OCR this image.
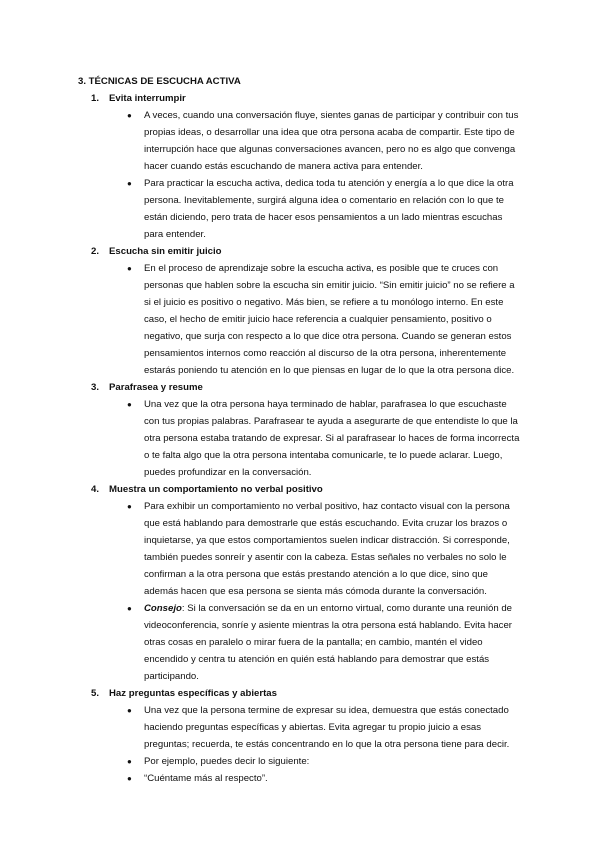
3. TÉCNICAS DE ESCUCHA ACTIVA

1.	Evita interrumpir
● A veces, cuando una conversación fluye, sientes ganas de participar y contribuir con tus propias ideas, o desarrollar una idea que otra persona acaba de compartir. Este tipo de interrupción hace que algunas conversaciones avancen, pero no es algo que convenga hacer cuando estás escuchando de manera activa para entender.
● Para practicar la escucha activa, dedica toda tu atención y energía a lo que dice la otra persona. Inevitablemente, surgirá alguna idea o comentario en relación con lo que te están diciendo, pero trata de hacer esos pensamientos a un lado mientras escuchas para entender.
2.	Escucha sin emitir juicio
● En el proceso de aprendizaje sobre la escucha activa, es posible que te cruces con personas que hablen sobre la escucha sin emitir juicio. “Sin emitir juicio” no se refiere a si el juicio es positivo o negativo. Más bien, se refiere a tu monólogo interno. En este caso, el hecho de emitir juicio hace referencia a cualquier pensamiento, positivo o negativo, que surja con respecto a lo que dice otra persona. Cuando se generan estos pensamientos internos como reacción al discurso de la otra persona, inherentemente estarás poniendo tu atención en lo que piensas en lugar de lo que la otra persona dice.
3.	Parafrasea y resume
● Una vez que la otra persona haya terminado de hablar, parafrasea lo que escuchaste con tus propias palabras. Parafrasear te ayuda a asegurarte de que entendiste lo que la otra persona estaba tratando de expresar. Si al parafrasear lo haces de forma incorrecta o te falta algo que la otra persona intentaba comunicarle, te lo puede aclarar. Luego, puedes profundizar en la conversación.
4.	Muestra un comportamiento no verbal positivo
● Para exhibir un comportamiento no verbal positivo, haz contacto visual con la persona que está hablando para demostrarle que estás escuchando. Evita cruzar los brazos o inquietarse, ya que estos comportamientos suelen indicar distracción. Si corresponde, también puedes sonreír y asentir con la cabeza. Estas señales no verbales no solo le confirman a la otra persona que estás prestando atención a lo que dice, sino que además hacen que esa persona se sienta más cómoda durante la conversación.
● Consejo: Si la conversación se da en un entorno virtual, como durante una reunión de videoconferencia, sonríe y asiente mientras la otra persona está hablando. Evita hacer otras cosas en paralelo o mirar fuera de la pantalla; en cambio, mantén el video encendido y centra tu atención en quién está hablando para demostrar que estás participando.
5.	Haz preguntas específicas y abiertas
● Una vez que la persona termine de expresar su idea, demuestra que estás conectado haciendo preguntas específicas y abiertas. Evita agregar tu propio juicio a esas preguntas; recuerda, te estás concentrando en lo que la otra persona tiene para decir.
● Por ejemplo, puedes decir lo siguiente:
● “Cuéntame más al respecto”.
